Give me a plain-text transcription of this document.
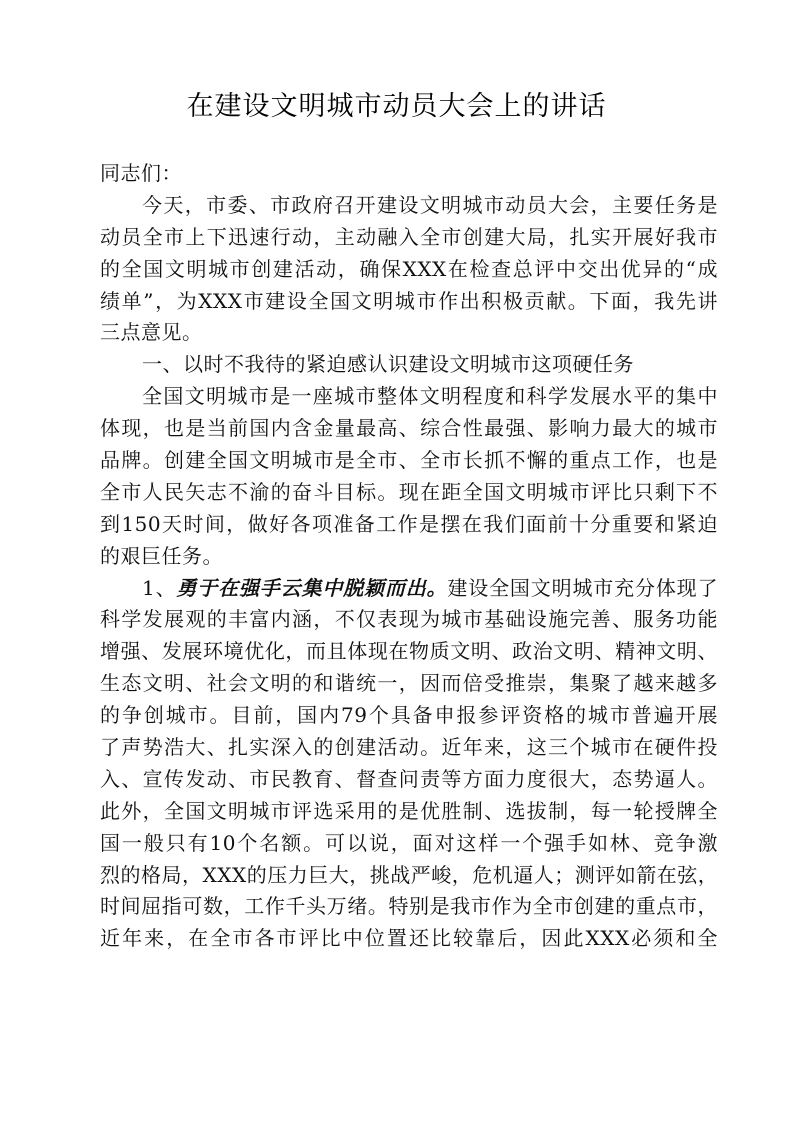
在建设文明城市动员大会上的讲话
同志们：
今天，市委、市政府召开建设文明城市动员大会，主要任务是
动员全市上下迅速行动，主动融入全市创建大局，扎实开展好我市
的全国文明城市创建活动，确保XXX在检查总评中交出优异的“成
绩单”，为XXX市建设全国文明城市作出积极贡献。下面，我先讲
三点意见。
一、以时不我待的紧迫感认识建设文明城市这项硬任务
全国文明城市是一座城市整体文明程度和科学发展水平的集中
体现，也是当前国内含金量最高、综合性最强、影响力最大的城市
品牌。创建全国文明城市是全市、全市长抓不懈的重点工作，也是
全市人民矢志不渝的奋斗目标。现在距全国文明城市评比只剩下不
到150天时间，做好各项准备工作是摆在我们面前十分重要和紧迫
的艰巨任务。
1、勇于在强手云集中脱颖而出。建设全国文明城市充分体现了
科学发展观的丰富内涵，不仅表现为城市基础设施完善、服务功能
增强、发展环境优化，而且体现在物质文明、政治文明、精神文明、
生态文明、社会文明的和谐统一，因而倍受推崇，集聚了越来越多
的争创城市。目前，国内79个具备申报参评资格的城市普遍开展
了声势浩大、扎实深入的创建活动。近年来，这三个城市在硬件投
入、宣传发动、市民教育、督查问责等方面力度很大，态势逼人。
此外，全国文明城市评选采用的是优胜制、选拔制，每一轮授牌全
国一般只有10个名额。可以说，面对这样一个强手如林、竞争激
烈的格局，XXX的压力巨大，挑战严峻，危机逼人；测评如箭在弦，
时间屈指可数，工作千头万绪。特别是我市作为全市创建的重点市，
近年来，在全市各市评比中位置还比较靠后，因此XXX必须和全
